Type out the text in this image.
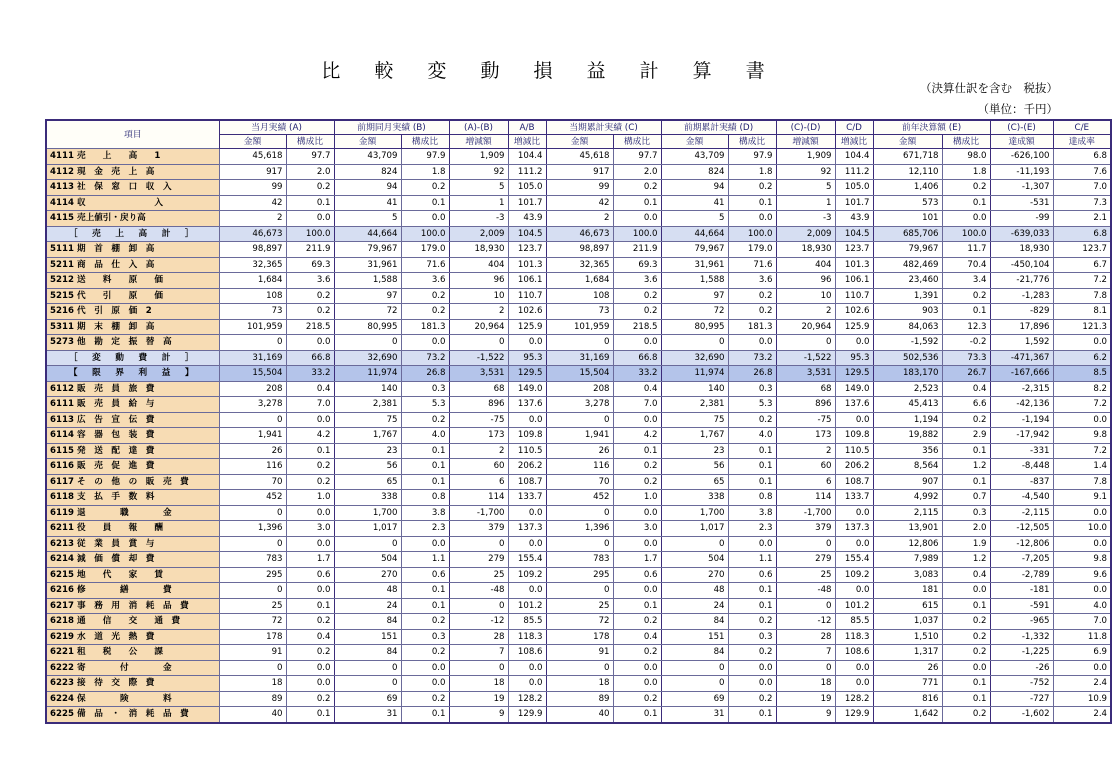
比 較 変 動 損 益 計 算 書
（決算仕訳を含む　税抜）
（単位：千円）
項目	当月実績 (A)		前期同月実績 (B)		(A)-(B)	A/B	当期累計実績 (C)		前期累計実績 (D)		(C)-(D)	C/D	前年決算額 (E)		(C)-(E)	C/E
	金額	構成比	金額	構成比	増減額	増減比	金額	構成比	金額	構成比	増減額	増減比	金額	構成比	達成額	達成率
4111 売　　上　　高　　1	45,618	97.7	43,709	97.9	1,909	104.4	45,618	97.7	43,709	97.9	1,909	104.4	671,718	98.0	-626,100	6.8
4112 現　金　売　上　高	917	2.0	824	1.8	92	111.2	917	2.0	824	1.8	92	111.2	12,110	1.8	-11,193	7.6
4113 社　保　窓　口　収　入	99	0.2	94	0.2	5	105.0	99	0.2	94	0.2	5	105.0	1,406	0.2	-1,307	7.0
4114 収　　　　　　　　入	42	0.1	41	0.1	1	101.7	42	0.1	41	0.1	1	101.7	573	0.1	-531	7.3
4115 売上値引・戻り高	2	0.0	5	0.0	-3	43.9	2	0.0	5	0.0	-3	43.9	101	0.0	-99	2.1
［　売　上　高　計　］	46,673	100.0	44,664	100.0	2,009	104.5	46,673	100.0	44,664	100.0	2,009	104.5	685,706	100.0	-639,033	6.8
5111 期　首　棚　卸　高	98,897	211.9	79,967	179.0	18,930	123.7	98,897	211.9	79,967	179.0	18,930	123.7	79,967	11.7	18,930	123.7
5211 商　品　仕　入　高	32,365	69.3	31,961	71.6	404	101.3	32,365	69.3	31,961	71.6	404	101.3	482,469	70.4	-450,104	6.7
5212 送　　料　　原　　価	1,684	3.6	1,588	3.6	96	106.1	1,684	3.6	1,588	3.6	96	106.1	23,460	3.4	-21,776	7.2
5215 代　　引　　原　　価	108	0.2	97	0.2	10	110.7	108	0.2	97	0.2	10	110.7	1,391	0.2	-1,283	7.8
5216 代　引　原　価　2	73	0.2	72	0.2	2	102.6	73	0.2	72	0.2	2	102.6	903	0.1	-829	8.1
5311 期　末　棚　卸　高	101,959	218.5	80,995	181.3	20,964	125.9	101,959	218.5	80,995	181.3	20,964	125.9	84,063	12.3	17,896	121.3
5273 他　勘　定　振　替　高	0	0.0	0	0.0	0	0.0	0	0.0	0	0.0	0	0.0	-1,592	-0.2	1,592	0.0
［　変　動　費　計　］	31,169	66.8	32,690	73.2	-1,522	95.3	31,169	66.8	32,690	73.2	-1,522	95.3	502,536	73.3	-471,367	6.2
【　限　界　利　益　】	15,504	33.2	11,974	26.8	3,531	129.5	15,504	33.2	11,974	26.8	3,531	129.5	183,170	26.7	-167,666	8.5
6112 販　売　員　旅　費	208	0.4	140	0.3	68	149.0	208	0.4	140	0.3	68	149.0	2,523	0.4	-2,315	8.2
6111 販　売　員　給　与	3,278	7.0	2,381	5.3	896	137.6	3,278	7.0	2,381	5.3	896	137.6	45,413	6.6	-42,136	7.2
6113 広　告　宣　伝　費	0	0.0	75	0.2	-75	0.0	0	0.0	75	0.2	-75	0.0	1,194	0.2	-1,194	0.0
6114 容　器　包　装　費	1,941	4.2	1,767	4.0	173	109.8	1,941	4.2	1,767	4.0	173	109.8	19,882	2.9	-17,942	9.8
6115 発　送　配　達　費	26	0.1	23	0.1	2	110.5	26	0.1	23	0.1	2	110.5	356	0.1	-331	7.2
6116 販　売　促　進　費	116	0.2	56	0.1	60	206.2	116	0.2	56	0.1	60	206.2	8,564	1.2	-8,448	1.4
6117 そ　の　他　の　販　売　費	70	0.2	65	0.1	6	108.7	70	0.2	65	0.1	6	108.7	907	0.1	-837	7.8
6118 支　払　手　数　料	452	1.0	338	0.8	114	133.7	452	1.0	338	0.8	114	133.7	4,992	0.7	-4,540	9.1
6119 退　　　　職　　　　金	0	0.0	1,700	3.8	-1,700	0.0	0	0.0	1,700	3.8	-1,700	0.0	2,115	0.3	-2,115	0.0
6211 役　　員　　報　　酬	1,396	3.0	1,017	2.3	379	137.3	1,396	3.0	1,017	2.3	379	137.3	13,901	2.0	-12,505	10.0
6213 従　業　員　賞　与	0	0.0	0	0.0	0	0.0	0	0.0	0	0.0	0	0.0	12,806	1.9	-12,806	0.0
6214 減　価　償　却　費	783	1.7	504	1.1	279	155.4	783	1.7	504	1.1	279	155.4	7,989	1.2	-7,205	9.8
6215 地　　代　　家　　賃	295	0.6	270	0.6	25	109.2	295	0.6	270	0.6	25	109.2	3,083	0.4	-2,789	9.6
6216 修　　　　繕　　　　費	0	0.0	48	0.1	-48	0.0	0	0.0	48	0.1	-48	0.0	181	0.0	-181	0.0
6217 事　務　用　消　耗　品　費	25	0.1	24	0.1	0	101.2	25	0.1	24	0.1	0	101.2	615	0.1	-591	4.0
6218 通　　信　　交　　通　費	72	0.2	84	0.2	-12	85.5	72	0.2	84	0.2	-12	85.5	1,037	0.2	-965	7.0
6219 水　道　光　熱　費	178	0.4	151	0.3	28	118.3	178	0.4	151	0.3	28	118.3	1,510	0.2	-1,332	11.8
6221 租　　税　　公　　課	91	0.2	84	0.2	7	108.6	91	0.2	84	0.2	7	108.6	1,317	0.2	-1,225	6.9
6222 寄　　　　付　　　　金	0	0.0	0	0.0	0	0.0	0	0.0	0	0.0	0	0.0	26	0.0	-26	0.0
6223 接　待　交　際　費	18	0.0	0	0.0	18	0.0	18	0.0	0	0.0	18	0.0	771	0.1	-752	2.4
6224 保　　　　険　　　　料	89	0.2	69	0.2	19	128.2	89	0.2	69	0.2	19	128.2	816	0.1	-727	10.9
6225 備　品　・　消　耗　品　費	40	0.1	31	0.1	9	129.9	40	0.1	31	0.1	9	129.9	1,642	0.2	-1,602	2.4
